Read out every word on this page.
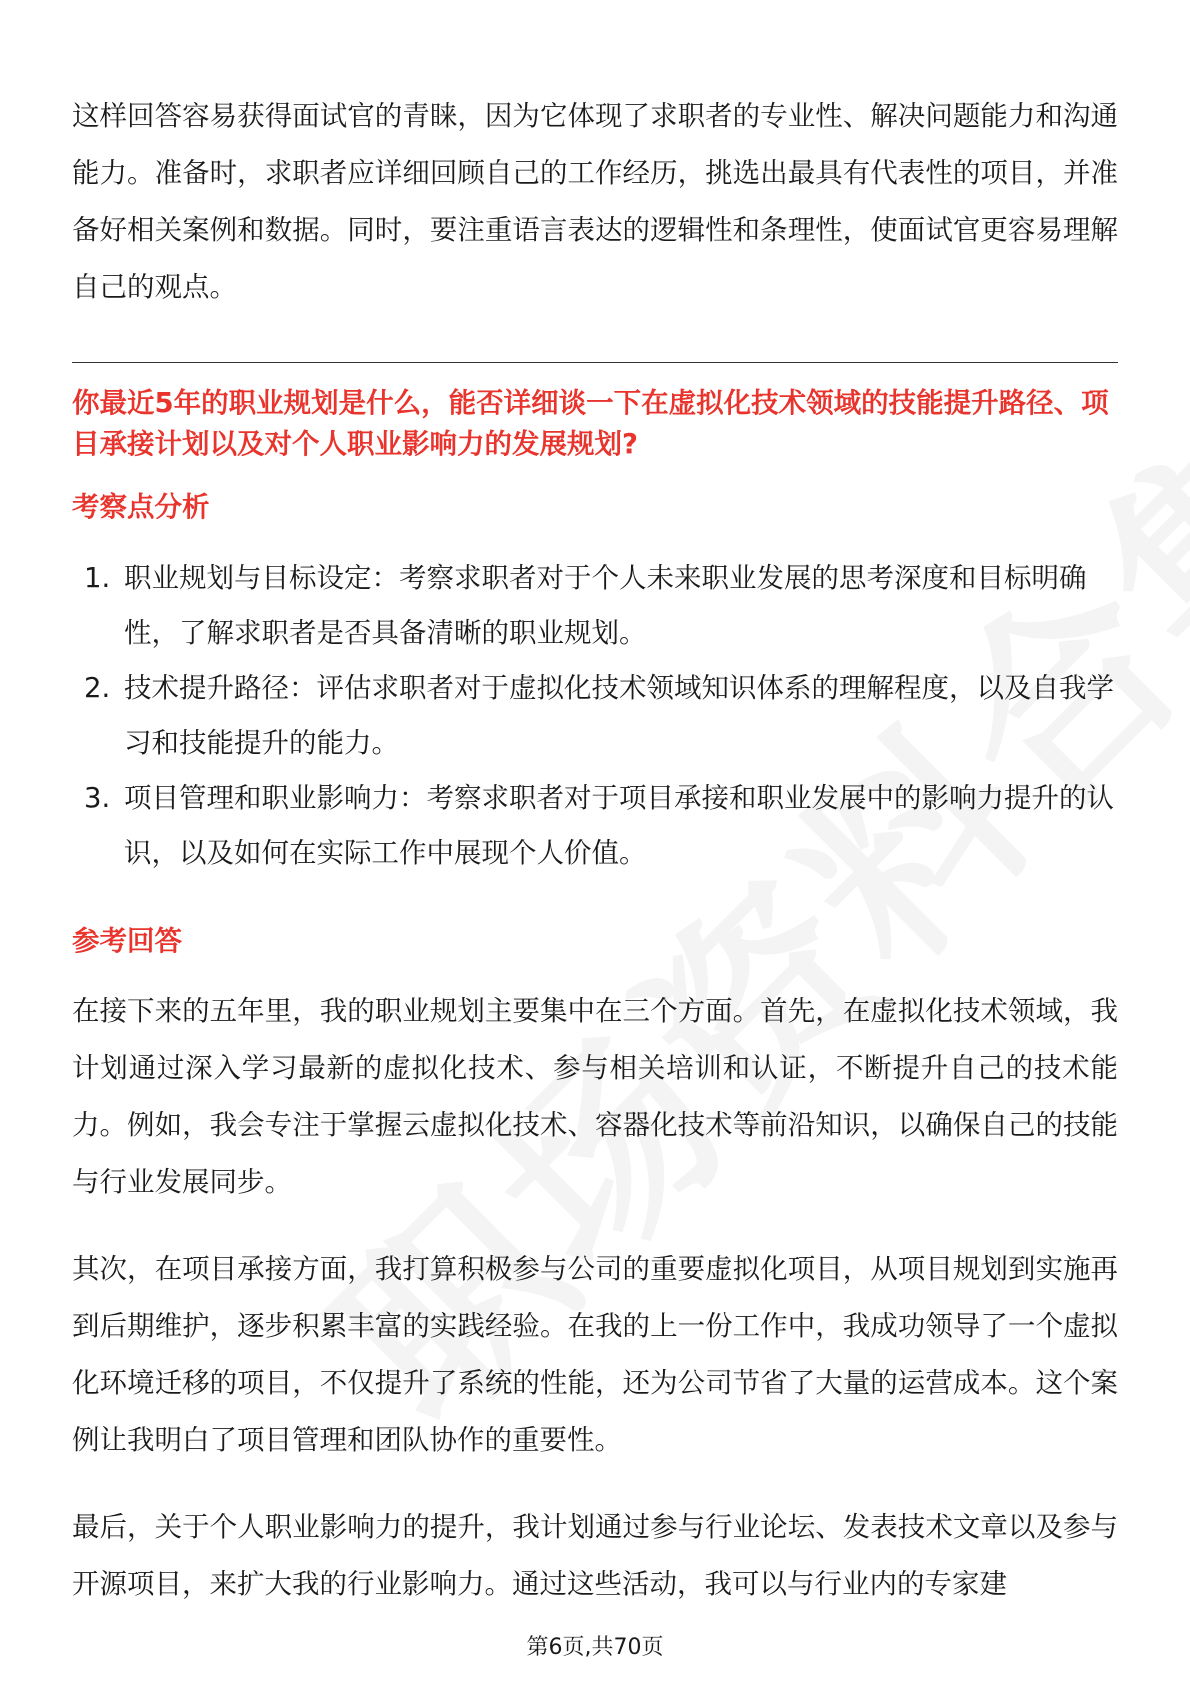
这样回答容易获得面试官的青睐，因为它体现了求职者的专业性、解决问题能力和沟通能力。准备时，求职者应详细回顾自己的工作经历，挑选出最具有代表性的项目，并准备好相关案例和数据。同时，要注重语言表达的逻辑性和条理性，使面试官更容易理解自己的观点。

你最近5年的职业规划是什么，能否详细谈一下在虚拟化技术领域的技能提升路径、项目承接计划以及对个人职业影响力的发展规划?

考察点分析
1. 职业规划与目标设定：考察求职者对于个人未来职业发展的思考深度和目标明确性，了解求职者是否具备清晰的职业规划。
2. 技术提升路径：评估求职者对于虚拟化技术领域知识体系的理解程度，以及自我学习和技能提升的能力。
3. 项目管理和职业影响力：考察求职者对于项目承接和职业发展中的影响力提升的认识，以及如何在实际工作中展现个人价值。
参考回答

在接下来的五年里，我的职业规划主要集中在三个方面。首先，在虚拟化技术领域，我计划通过深入学习最新的虚拟化技术、参与相关培训和认证，不断提升自己的技术能力。例如，我会专注于掌握云虚拟化技术、容器化技术等前沿知识，以确保自己的技能与行业发展同步。

其次，在项目承接方面，我打算积极参与公司的重要虚拟化项目，从项目规划到实施再到后期维护，逐步积累丰富的实践经验。在我的上一份工作中，我成功领导了一个虚拟化环境迁移的项目，不仅提升了系统的性能，还为公司节省了大量的运营成本。这个案例让我明白了项目管理和团队协作的重要性。

最后，关于个人职业影响力的提升，我计划通过参与行业论坛、发表技术文章以及参与开源项目，来扩大我的行业影响力。通过这些活动，我可以与行业内的专家建

第6页,共70页
